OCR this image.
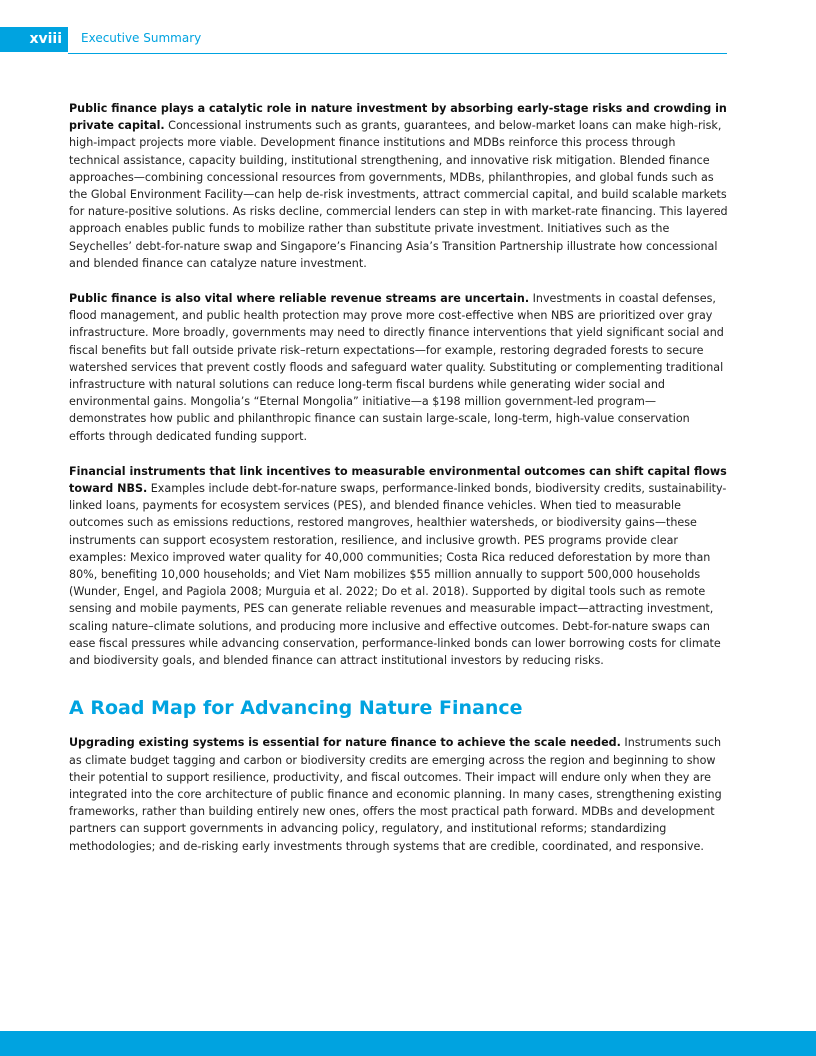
xviii	Executive Summary

Public finance plays a catalytic role in nature investment by absorbing early-stage risks and crowding in private capital. Concessional instruments such as grants, guarantees, and below-market loans can make high-risk, high-impact projects more viable. Development finance institutions and MDBs reinforce this process through technical assistance, capacity building, institutional strengthening, and innovative risk mitigation. Blended finance approaches—combining concessional resources from governments, MDBs, philanthropies, and global funds such as the Global Environment Facility—can help de-risk investments, attract commercial capital, and build scalable markets for nature-positive solutions. As risks decline, commercial lenders can step in with market-rate financing. This layered approach enables public funds to mobilize rather than substitute private investment. Initiatives such as the Seychelles’ debt-for-nature swap and Singapore’s Financing Asia’s Transition Partnership illustrate how concessional and blended finance can catalyze nature investment.

Public finance is also vital where reliable revenue streams are uncertain. Investments in coastal defenses, flood management, and public health protection may prove more cost-effective when NBS are prioritized over gray infrastructure. More broadly, governments may need to directly finance interventions that yield significant social and fiscal benefits but fall outside private risk–return expectations—for example, restoring degraded forests to secure watershed services that prevent costly floods and safeguard water quality. Substituting or complementing traditional infrastructure with natural solutions can reduce long-term fiscal burdens while generating wider social and environmental gains. Mongolia’s “Eternal Mongolia” initiative—a $198 million government-led program—demonstrates how public and philanthropic finance can sustain large-scale, long-term, high-value conservation efforts through dedicated funding support.

Financial instruments that link incentives to measurable environmental outcomes can shift capital flows toward NBS. Examples include debt-for-nature swaps, performance-linked bonds, biodiversity credits, sustainability-linked loans, payments for ecosystem services (PES), and blended finance vehicles. When tied to measurable outcomes such as emissions reductions, restored mangroves, healthier watersheds, or biodiversity gains—these instruments can support ecosystem restoration, resilience, and inclusive growth. PES programs provide clear examples: Mexico improved water quality for 40,000 communities; Costa Rica reduced deforestation by more than 80%, benefiting 10,000 households; and Viet Nam mobilizes $55 million annually to support 500,000 households (Wunder, Engel, and Pagiola 2008; Murguia et al. 2022; Do et al. 2018). Supported by digital tools such as remote sensing and mobile payments, PES can generate reliable revenues and measurable impact—attracting investment, scaling nature–climate solutions, and producing more inclusive and effective outcomes. Debt-for-nature swaps can ease fiscal pressures while advancing conservation, performance-linked bonds can lower borrowing costs for climate and biodiversity goals, and blended finance can attract institutional investors by reducing risks.

A Road Map for Advancing Nature Finance

Upgrading existing systems is essential for nature finance to achieve the scale needed. Instruments such as climate budget tagging and carbon or biodiversity credits are emerging across the region and beginning to show their potential to support resilience, productivity, and fiscal outcomes. Their impact will endure only when they are integrated into the core architecture of public finance and economic planning. In many cases, strengthening existing frameworks, rather than building entirely new ones, offers the most practical path forward. MDBs and development partners can support governments in advancing policy, regulatory, and institutional reforms; standardizing methodologies; and de-risking early investments through systems that are credible, coordinated, and responsive.
